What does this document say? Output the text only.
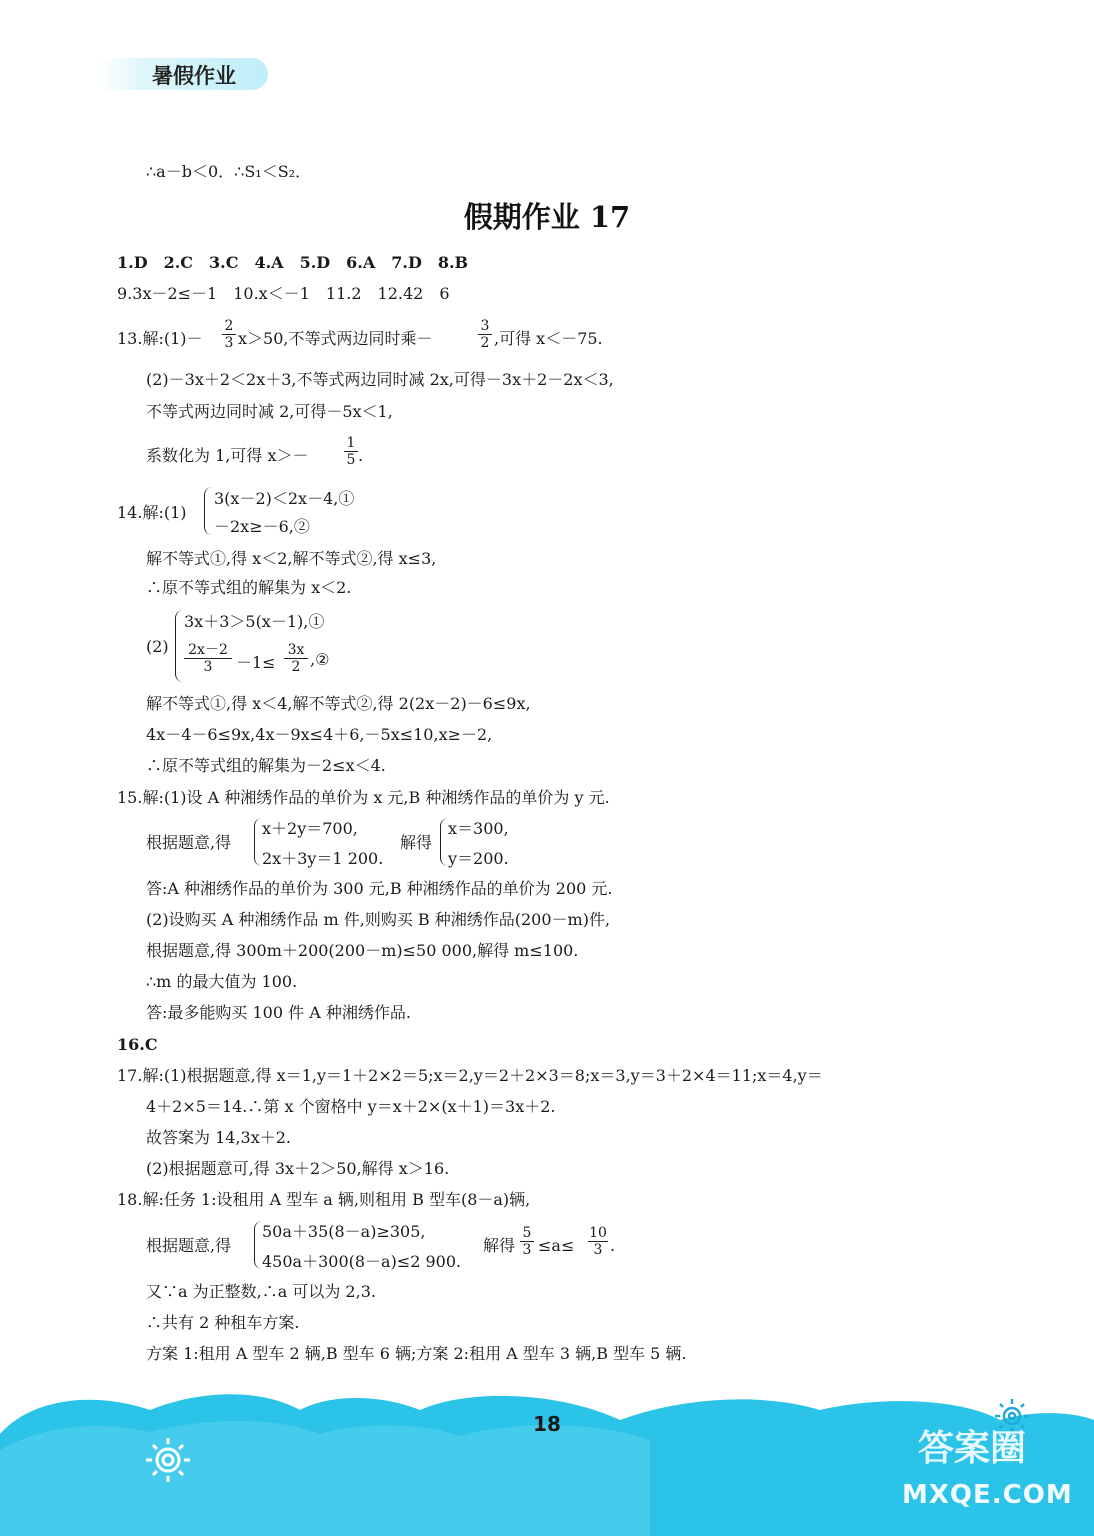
暑假作业
∴a－b＜0．∴S₁＜S₂．
假期作业 17
1.D　2.C　3.C　4.A　5.D　6.A　7.D　8.B
9.3x－2≤－1　10.x＜－1　11.2　12.42　6
13.解:(1)－ $\frac{2}{3} x>50$,不等式两边同时乘－	$\frac{3}{2}$ ,可得 x＜－75.
(2)－3x＋2＜2x＋3,不等式两边同时减 2x,可得－3x＋2－2x＜3,
不等式两边同时减 2,可得－5x＜1,
系数化为 1,可得 x＞－	$\frac{1}{5}$ .
14.解:(1)
3(x－2)＜2x－4,①
－2x≥－6,②
解不等式①,得 x＜2,解不等式②,得 x≤3,
∴原不等式组的解集为 x＜2.
(2)
3x＋3＞5(x－1),①
$\frac{2x-2}{3} -1\le \frac{3x}{2}$ ,②
解不等式①,得 x＜4,解不等式②,得 2(2x－2)－6≤9x,
4x－4－6≤9x,4x－9x≤4＋6,－5x≤10,x≥－2,
∴原不等式组的解集为－2≤x＜4.
15.解:(1)设 A 种湘绣作品的单价为 x 元,B 种湘绣作品的单价为 y 元.
根据题意,得
x＋2y＝700,
2x＋3y＝1 200.
解得
x＝300,
y＝200.
答:A 种湘绣作品的单价为 300 元,B 种湘绣作品的单价为 200 元.
(2)设购买 A 种湘绣作品 m 件,则购买 B 种湘绣作品(200－m)件,
根据题意,得 300m＋200(200－m)≤50 000,解得 m≤100.
∴m 的最大值为 100.
答:最多能购买 100 件 A 种湘绣作品.
16.C
17.解:(1)根据题意,得 x＝1,y＝1＋2×2＝5;x＝2,y＝2＋2×3＝8;x＝3,y＝3＋2×4＝11;x＝4,y＝
4＋2×5＝14.∴第 x 个窗格中 y＝x＋2×(x＋1)＝3x＋2.
故答案为 14,3x＋2.
(2)根据题意可,得 3x＋2＞50,解得 x＞16.
18.解:任务 1:设租用 A 型车 a 辆,则租用 B 型车(8－a)辆,
根据题意,得
50a＋35(8－a)≥305,
450a＋300(8－a)≤2 900.
解得 $\frac{5}{3} \le a\le \frac{10}{3}$ .
又∵a 为正整数,∴a 可以为 2,3.
∴共有 2 种租车方案.
方案 1:租用 A 型车 2 辆,B 型车 6 辆;方案 2:租用 A 型车 3 辆,B 型车 5 辆.
18
答案圈
MXQE.COM
